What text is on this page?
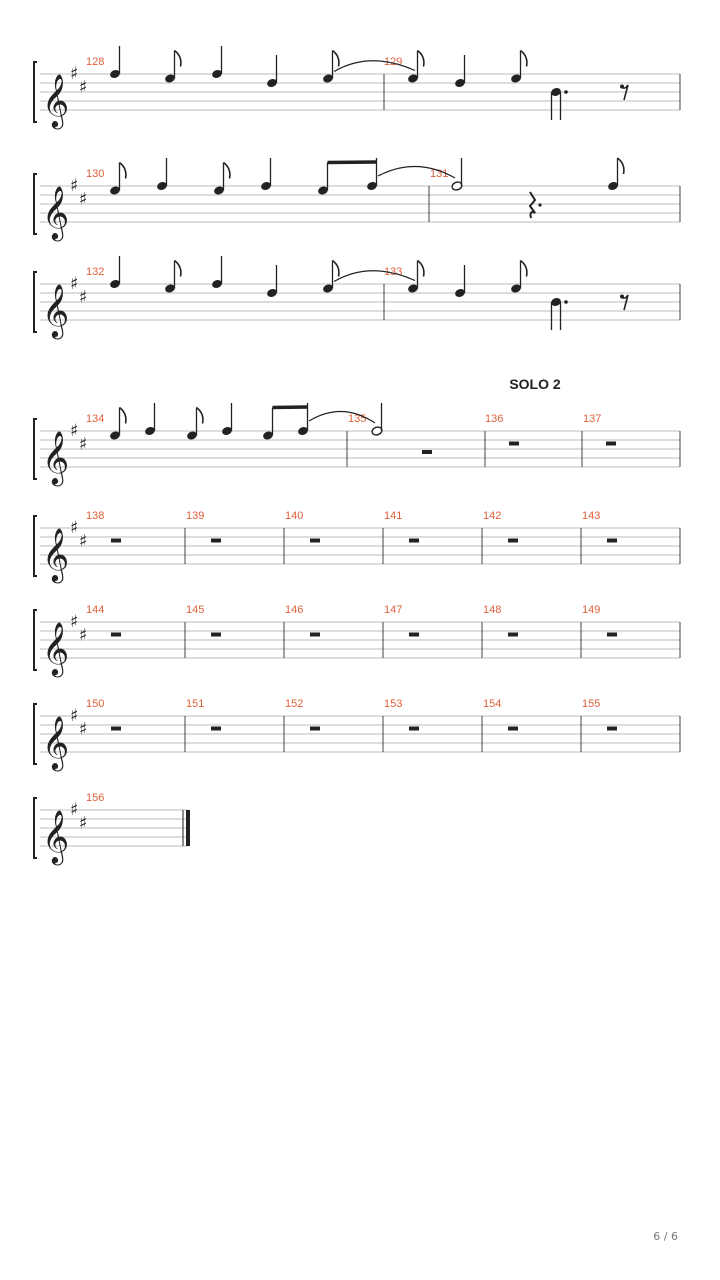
𝄞 ♯
♯
128	129
𝄞 ♯
♯
130	131
𝄞 ♯
♯
132	133
𝄞 ♯
♯
134	135	136	137
𝄞 ♯
♯
138	139	140	141	142	143
𝄞 ♯
♯
144	145	146	147	148	149
𝄞 ♯
♯
150	151	152	153	154	155
𝄞 ♯
♯
156
SOLO 2
6 / 6
